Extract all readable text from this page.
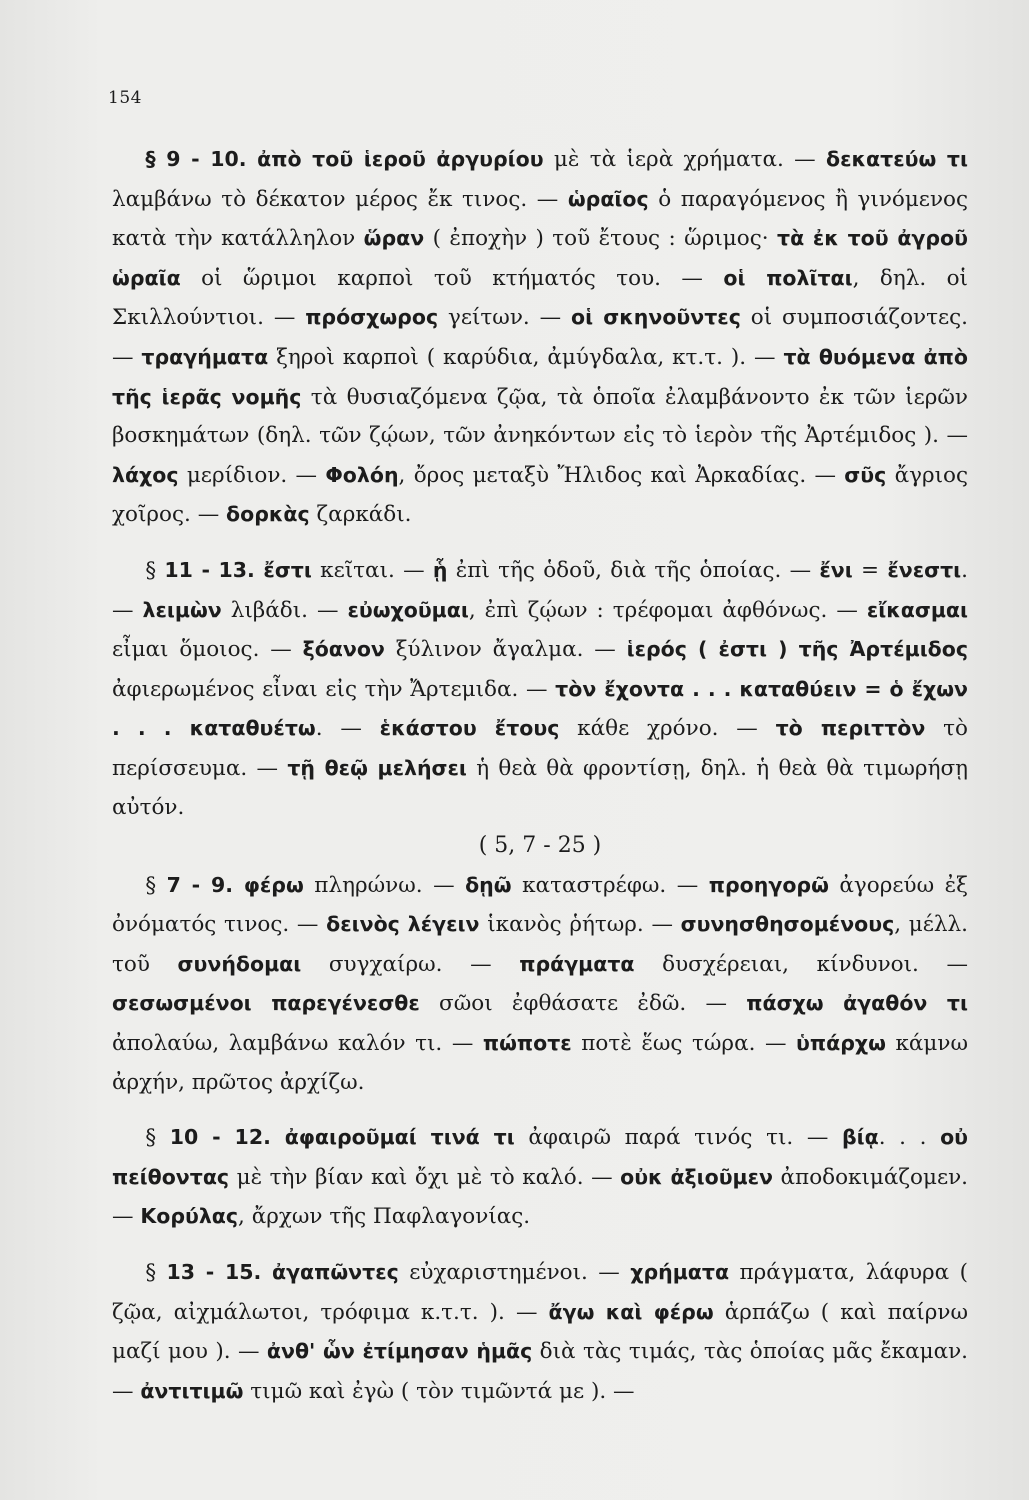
154

§ 9 - 10. ἀπὸ τοῦ ἱεροῦ ἀργυρίου μὲ τὰ ἱερὰ χρήματα. — δεκατεύω τι λαμβάνω τὸ δέκατον μέρος ἔκ τινος. — ὡραῖος ὁ παραγόμενος ἢ γινόμενος κατὰ τὴν κατάλληλον ὥραν ( ἐποχὴν ) τοῦ ἔτους : ὥριμος· τὰ ἐκ τοῦ ἀγροῦ ὡραῖα οἱ ὥριμοι καρποὶ τοῦ κτήματός του. — οἱ πολῖται, δηλ. οἱ Σκιλλούντιοι. — πρόσχωρος γείτων. — οἱ σκηνοῦντες οἱ συμποσιάζοντες. — τραγήματα ξηροὶ καρποὶ ( καρύδια, ἀμύγδαλα, κτ.τ. ). — τὰ θυόμενα ἀπὸ τῆς ἱερᾶς νομῆς τὰ θυσιαζόμενα ζῷα, τὰ ὁποῖα ἐλαμβάνοντο ἐκ τῶν ἱερῶν βοσκημάτων (δηλ. τῶν ζῴων, τῶν ἀνηκόντων εἰς τὸ ἱερὸν τῆς Ἀρτέμιδος ). — λάχος μερίδιον. — Φολόη, ὄρος μεταξὺ Ἤλιδος καὶ Ἀρκαδίας. — σῦς ἄγριος χοῖρος. — δορκὰς ζαρκάδι.

§ 11 - 13. ἔστι κεῖται. — ᾗ ἐπὶ τῆς ὁδοῦ, διὰ τῆς ὁποίας. — ἔνι = ἔνεστι. — λειμὼν λιβάδι. — εὐωχοῦμαι, ἐπὶ ζῴων : τρέφομαι ἀφθόνως. — εἴκασμαι εἶμαι ὅμοιος. — ξόανον ξύλινον ἄγαλμα. — ἱερός ( ἐστι ) τῆς Ἀρτέμιδος ἀφιερωμένος εἶναι εἰς τὴν Ἄρτεμιδα. — τὸν ἔχοντα . . . καταθύειν = ὁ ἔχων . . . καταθυέτω. — ἑκάστου ἔτους κάθε χρόνο. — τὸ περιττὸν τὸ περίσσευμα. — τῇ θεῷ μελήσει ἡ θεὰ θὰ φροντίσῃ, δηλ. ἡ θεὰ θὰ τιμωρήσῃ αὐτόν.

( 5, 7 - 25 )

§ 7 - 9. φέρω πληρώνω. — δῃῶ καταστρέφω. — προηγορῶ ἀγορεύω ἐξ ὀνόματός τινος. — δεινὸς λέγειν ἱκανὸς ῥήτωρ. — συνησθησομένους, μέλλ. τοῦ συνήδομαι συγχαίρω. — πράγματα δυσχέρειαι, κίνδυνοι. — σεσωσμένοι παρεγένεσθε σῶοι ἐφθάσατε ἐδῶ. — πάσχω ἀγαθόν τι ἀπολαύω, λαμβάνω καλόν τι. — πώποτε ποτὲ ἕως τώρα. — ὑπάρχω κάμνω ἀρχήν, πρῶτος ἀρχίζω.

§ 10 - 12. ἀφαιροῦμαί τινά τι ἀφαιρῶ παρά τινός τι. — βίᾳ. . . οὐ πείθοντας μὲ τὴν βίαν καὶ ὄχι μὲ τὸ καλό. — οὐκ ἀξιοῦμεν ἀποδοκιμάζομεν. — Κορύλας, ἄρχων τῆς Παφλαγονίας.

§ 13 - 15. ἀγαπῶντες εὐχαριστημένοι. — χρήματα πράγματα, λάφυρα ( ζῷα, αἰχμάλωτοι, τρόφιμα κ.τ.τ. ). — ἄγω καὶ φέρω ἁρπάζω ( καὶ παίρνω μαζί μου ). — ἀνθ' ὧν ἐτίμησαν ἡμᾶς διὰ τὰς τιμάς, τὰς ὁποίας μᾶς ἔκαμαν. — ἀντιτιμῶ τιμῶ καὶ ἐγὼ ( τὸν τιμῶντά με ). —
